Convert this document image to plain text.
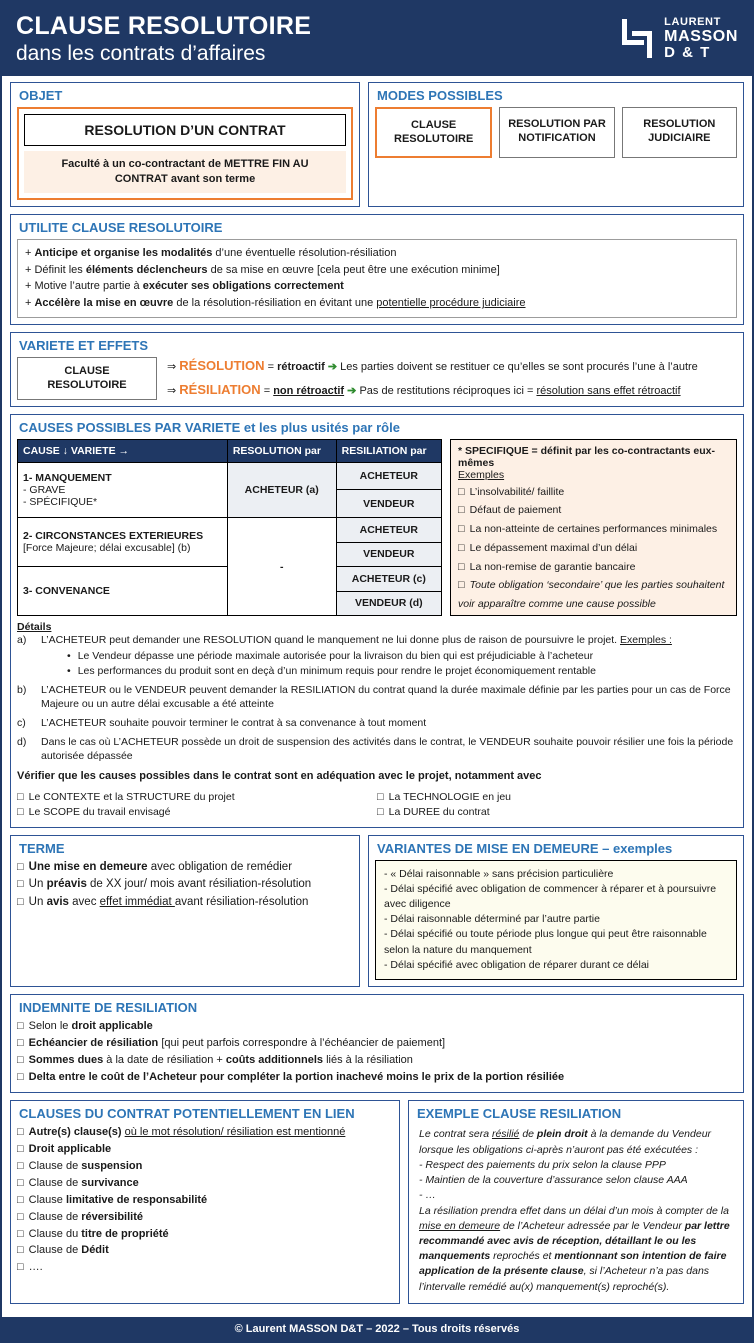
CLAUSE RESOLUTOIRE
dans les contrats d’affaires
LAURENT
MASSON
D & T
OBJET
RESOLUTION D’UN CONTRAT
Faculté à un co-contractant de METTRE FIN AU CONTRAT avant son terme
MODES POSSIBLES
CLAUSE RESOLUTOIRE
RESOLUTION PAR NOTIFICATION
RESOLUTION JUDICIAIRE
UTILITE CLAUSE RESOLUTOIRE
+ Anticipe et organise les modalités d’une éventuelle résolution-résiliation
+ Définit les éléments déclencheurs de sa mise en œuvre [cela peut être une exécution minime]
+ Motive l’autre partie à exécuter ses obligations correctement
+ Accélère la mise en œuvre de la résolution-résiliation en évitant une potentielle procédure judiciaire
VARIETE ET EFFETS
CLAUSE RESOLUTOIRE
⇒ RÉSOLUTION = rétroactif ➔ Les parties doivent se restituer ce qu’elles se sont procurés l’une à l’autre
⇒ RÉSILIATION = non rétroactif ➔ Pas de restitutions réciproques ici = résolution sans effet rétroactif
CAUSES POSSIBLES PAR VARIETE et les plus usités par rôle
CAUSE ↓ VARIETE →	RESOLUTION par	RESILIATION par

1- MANQUEMENT
- GRAVE
- SPÉCIFIQUE*	ACHETEUR (a)	ACHETEUR
		VENDEUR

2- CIRCONSTANCES EXTERIEURES
[Force Majeure; délai excusable] (b)	-	ACHETEUR
		VENDEUR

3- CONVENANCE		ACHETEUR (c)
		VENDEUR (d)
* SPECIFIQUE = définit par les co-contractants eux-mêmes
Exemples
□ L’insolvabilité/ faillite
□ Défaut de paiement
□ La non-atteinte de certaines performances minimales
□ Le dépassement maximal d’un délai
□ La non-remise de garantie bancaire
□ Toute obligation ‘secondaire’ que les parties souhaitent
voir apparaître comme une cause possible
Détails
a)	L’ACHETEUR peut demander une RESOLUTION quand le manquement ne lui donne plus de raison de poursuivre le projet. Exemples :
• Le Vendeur dépasse une période maximale autorisée pour la livraison du bien qui est préjudiciable à l’acheteur
• Les performances du produit sont en deçà d’un minimum requis pour rendre le projet économiquement rentable
b)	L’ACHETEUR ou le VENDEUR peuvent demander la RESILIATION du contrat quand la durée maximale définie par les parties pour un cas de Force Majeure ou un autre délai excusable a été atteinte
c)	L’ACHETEUR souhaite pouvoir terminer le contrat à sa convenance à tout moment
d)	Dans le cas où L’ACHETEUR possède un droit de suspension des activités dans le contrat, le VENDEUR souhaite pouvoir résilier une fois la période autorisée dépassée
Vérifier que les causes possibles dans le contrat sont en adéquation avec le projet, notamment avec
□ Le CONTEXTE et la STRUCTURE du projet
□ Le SCOPE du travail envisagé
□ La TECHNOLOGIE en jeu
□ La DUREE du contrat
TERME
□ Une mise en demeure avec obligation de remédier
□ Un préavis de XX jour/ mois avant résiliation-résolution
□ Un avis avec effet immédiat avant résiliation-résolution
VARIANTES DE MISE EN DEMEURE – exemples
- « Délai raisonnable » sans précision particulière
- Délai spécifié avec obligation de commencer à réparer et à poursuivre avec diligence
- Délai raisonnable déterminé par l’autre partie
- Délai spécifié ou toute période plus longue qui peut être raisonnable selon la nature du manquement
- Délai spécifié avec obligation de réparer durant ce délai
INDEMNITE DE RESILIATION
□ Selon le droit applicable
□ Echéancier de résiliation [qui peut parfois correspondre à l’échéancier de paiement]
□ Sommes dues à la date de résiliation + coûts additionnels liés à la résiliation
□ Delta entre le coût de l’Acheteur pour compléter la portion inachevé moins le prix de la portion résiliée
CLAUSES DU CONTRAT POTENTIELLEMENT EN LIEN
□ Autre(s) clause(s) où le mot résolution/ résiliation est mentionné
□ Droit applicable
□ Clause de suspension
□ Clause de survivance
□ Clause limitative de responsabilité
□ Clause de réversibilité
□ Clause du titre de propriété
□ Clause de Dédit
□ ….
EXEMPLE CLAUSE RESILIATION
Le contrat sera résilié de plein droit à la demande du Vendeur lorsque les obligations ci-après n’auront pas été exécutées :
- Respect des paiements du prix selon la clause PPP
- Maintien de la couverture d’assurance selon clause AAA
- …
La résiliation prendra effet dans un délai d’un mois à compter de la mise en demeure de l’Acheteur adressée par le Vendeur par lettre recommandé avec avis de réception, détaillant le ou les manquements reprochés et mentionnant son intention de faire application de la présente clause, si l’Acheteur n’a pas dans l’intervalle remédié au(x) manquement(s) reproché(s).
© Laurent MASSON D&T – 2022 – Tous droits réservés
